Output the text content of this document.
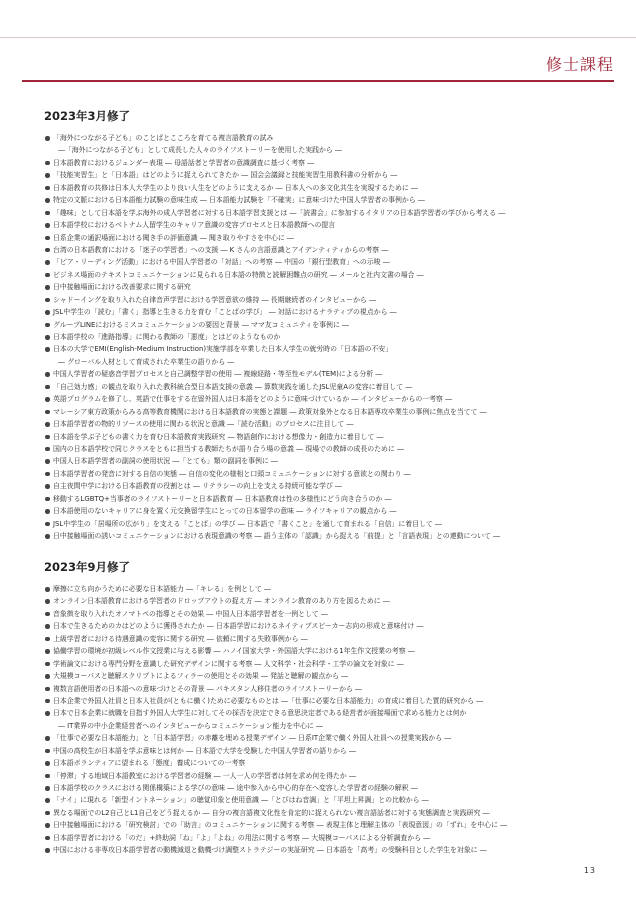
修士課程
2023年3月修了
「海外につながる子ども」のことばとこころを育てる複言語教育の試み
―「海外につながる子ども」として成長した人々のライフストーリーを使用した実践から ―
日本語教育におけるジェンダー表現 ― 母語話者と学習者の意識調査に基づく考察 ―
「技能実習生」と「日本語」はどのように捉えられてきたか ― 国会会議録と技能実習生用教科書の分析から ―
日本語教育の共修は日本人大学生のより良い人生をどのように支えるか ― 日本人への多文化共生を実現するために ―
特定の文脈における日本語能力試験の意味生成 ― 日本語能力試験を「不確実」に意味づけた中国人学習者の事例から ―
「趣味」として日本語を学ぶ海外の成人学習者に対する日本語学習支援とは ―「読書会」に参加するイタリアの日本語学習者の学びから考える ―
日本語学校におけるベトナム人留学生のキャリア意識の変容プロセスと日本語教師への提言
日系企業の通訳場面における聞き手の評価意識 ― 聞き取りやすさを中心に ―
台湾の日本語教育における「迷子の学習者」への支援 ― K さんの言語意識とアイデンティティからの考察 ―
「ピア・リーディング活動」における中国人学習者の「対話」への考察 ― 中国の「銀行型教育」への示唆 ―
ビジネス場面のテキストコミュニケーションに見られる日本語の特徴と読解困難点の研究 ― メールと社内文書の場合 ―
日中接触場面における改善要求に関する研究
シャドーイングを取り入れた自律音声学習における学習意欲の維持 ― 長期継続者のインタビューから ―
JSL中学生の「読む」「書く」指導と生きる力を育む「ことばの学び」 ― 対話におけるナラティブの視点から ―
グループLINEにおけるミスコミュニケーションの要因と背景 ― ママ友コミュニティを事例に ―
日本語学校の「進路指導」に関わる教師の「悪度」とはどのようなものか
日本の大学でEMI(English-Medium Instruction)実施学部を卒業した日本人学生の就労時の「日本語の不安」
― グローバル人材として育成された卒業生の語りから ―
中国人学習者の疑惑音学習プロセスと自己調整学習の使用 ― 複線経路・等至性モデル(TEM)による分析 ―
「自己効力感」の観点を取り入れた教科統合型日本語支援の意義 ― 算数実践を通したJSL児童Aの変容に着目して ―
英語プログラムを修了し、英語で仕事をする在留外国人は日本語をどのように意味づけているか ― インタビューからの一考察 ―
マレーシア東方政策からみる高等教育機関における日本語教育の実態と課題 ― 政策対象外となる日本語専攻卒業生の事例に焦点を当てて ―
日本語学習者の物的リソースの使用に関わる状況と意識 ―「読む活動」のプロセスに注目して ―
日本語を学ぶ子どもの書く力を育む日本語教育実践研究 ― 物語創作における想像力・創造力に着目して ―
国内の日本語学校で同じクラスをともに担当する教師たちが語り合う場の意義 ― 現場での教師の成長のために ―
中国人日本語学習者の副詞の使用状況 ―「とても」類の副詞を事例に ―
日本語学習者の発音に対する自信の実態 ― 自信の変化の様相と口頭コミュニケーションに対する意欲との関わり ―
自主夜間中学における日本語教育の役割とは ― リテラシーの向上を支える持続可能な学び ―
移動するLGBTQ+当事者のライフストーリーと日本語教育 ― 日本語教育は性の多様性にどう向き合うのか ―
日本語使用のないキャリアに身を置く元交換留学生にとっての日本留学の意味 ― ライフキャリアの観点から ―
JSL中学生の「居場所の広がり」を支える「ことば」の学び ― 日本語で「書くこと」を通して育まれる「自信」に着目して ―
日中接触場面の誘いコミュニケーションにおける表現意識の考察 ― 語う主体の「認識」から捉える「前提」と「言語表現」との連動について ―
2023年9月修了
摩擦に立ち向かうために必要な日本語能力 ―「キレる」を例として ―
オンライン日本語教育における学習者のドロップアウトの捉え方 ― オンライン教育のあり方を図るために ―
音象徴を取り入れたオノマトペの指導とその効果 ― 中国人日本語学習者を一例として ―
日本で生きるためのカはどのように獲得されたか ― 日本語学習におけるネイティブスピーカー志向の形成と意味付け ―
上級学習者における待遇意識の変容に関する研究 ― 依頼に関する失敗事例から ―
協働学習の環境が初級レベル作文授業に与える影響 ― ハノイ国家大学・外国語大学における1年生作文授業の考察 ―
学術論文における専門分野を意識した研究デザインに関する考察 ― 人文科学・社会科学・工学の論文を対象に ―
大規模コーパスと聴解スクリプトによるフィラーの使用とその効果 ― 発話と聴解の観点から ―
複数言語使用者の日本語への意味づけとその背景 ― パキスタン人移住者のライフストーリーから ―
日本企業で外国人社員と日本人社員が(ともに働く)ために必要なものとは ―「仕事に必要な日本語能力」の育成に着目した質的研究から ―
日本で日本企業に就職を目指す外国人大学生に対してその採否を決定できる意思決定者である経営者が面接場面で求める能力とは何か
― IT業界の中小企業経営者へのインタビューからコミュニケーション能力を中心に ―
「仕事で必要な日本語能力」と「日本語学習」の赤離を埋める授業デザイン ― 日系IT企業で働く外国人社員への授業実践から ―
中国の高校生が日本語を学ぶ意味とは何か ― 日本語で大学を受験した中国人学習者の語りから ―
日本語ボランティアに望まれる「態度」養成についての一考察
「停滞」する地域日本語教室における学習者の経験 ― 一人一人の学習者は何を求め何を得たか ―
日本語学校のクラスにおける関係構築による学びの意味 ― 途中参入から中心的存在へ変容した学習者の経験の解釈 ―
「ナイ」に現れる「新型イントネーション」の聴覚印象と使用意識 ―「とびはね音調」と「平坦上昇調」との比較から ―
異なる場面でのL2自己とL1自己をどう捉えるか ― 自分の複言語複文化性を肯定的に捉えられない複言語話者に対する実態調査と実践研究 ―
日中接触場面における「研究検討」での「助言」のコミュニケーションに関する考察 ― 表現主体と理解主体の「表現意図」の「ずれ」を中心に ―
日本語学習者における「のだ」+終助詞「ね」「よ」「よね」の用法に関する考察 ― 大規模コーパスによる分析調査から ―
中国における非専攻日本語学習者の動機減退と動機づけ調整ストラテジーの実証研究 ― 日本語を「高考」の受験科目とした学生を対象に ―
13
